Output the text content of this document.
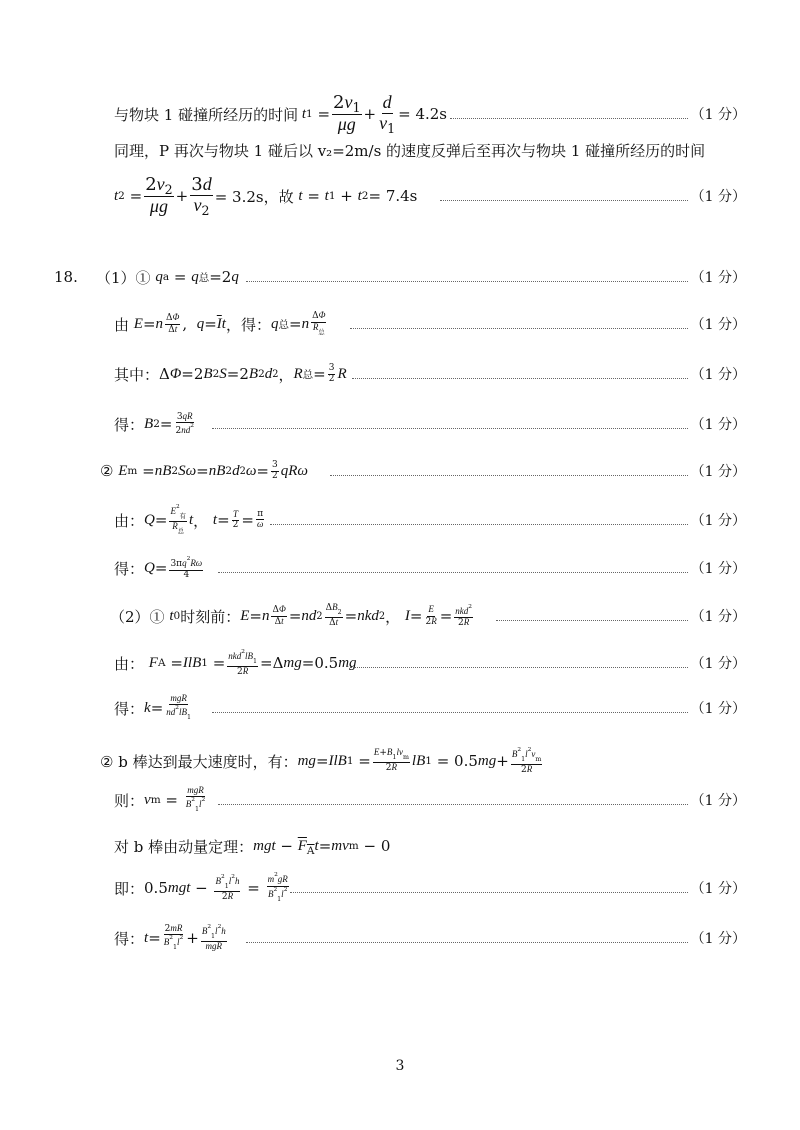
与物块 1 碰撞所经历的时间 t $1 = \frac{2v_1}{\mu g} + \frac{d}{v_1} = 4.2s$	（1 分）
同理，P 再次与物块 1 碰后以 v₂=2m/s 的速度反弹后至再次与物块 1 碰撞所经历的时间
t $2 = \frac{2v_2}{\mu g} + \frac{3d}{v_2} = 3.2s$，故
t = t 1 + t 2 = 7.4s	（1 分）
18. （1）①
q a = q 总 =2 q	（1 分）
由
E = n $\frac{\Delta\Phi}{\Delta t}$ , $q = \overline{I}$ t ， 得： q 总 = n $\frac{\Delta\Phi}{R_总}$	（1 分）
其中： Δ Φ =2 B 2 S =2 B 2 d 2 ， R 总 = $\frac{3}{2}$ R	（1 分）
得： B $2 = \frac{3qR}{2nd^2}$	（1 分）
②
E m = nB 2 Sω = nB 2 d 2 $\omega = \frac{3}{2}$ qRω	（1 分）
由： $Q = \frac{E^2_有}{R_总}$ t ， $t = \frac{T}{2} = \frac{\pi}{\omega}$	（1 分）
得： $Q = \frac{3\pi q^2R\omega}{4}$	（1 分）
（2）①
t 0 时刻前： E = n $\frac{\Delta\Phi}{\Delta t}$ = nd $2 \frac{\Delta B_2}{\Delta t}$ = nkd 2 ， $I = \frac{E}{2R} = \frac{nkd^2}{2R}$	（1 分）
由：
F A = IlB $1 = \frac{nkd^2lB_1}{2R} =\Delta$ mg =0.5 mg	（1 分）
得： $k = \frac{\text{mgR}}{nd^2lB_1}$	（1 分）
② b 棒达到最大速度时，有： mg = IlB $1 = \frac{E+B_1lv_m}{2R}$ lB 1 = 0.5 mg + $\frac{B^2_1l^2v_m}{2R}$
则： v $m = \frac{\text{mgR}}{B^2_1l^2}$	（1 分）
对 b 棒由动量定理： mgt − $F_A$ t = mv m − 0
即： 0.5 mgt − $\frac{B^2_1l^2h}{2R} = \frac{m^2gR}{B^2_1l^2}$	（1 分）
得： $t = \frac{2mR}{B^2_1l^2} + \frac{B^2_1l^2h}{\text{mgR}}$	（1 分）
3
